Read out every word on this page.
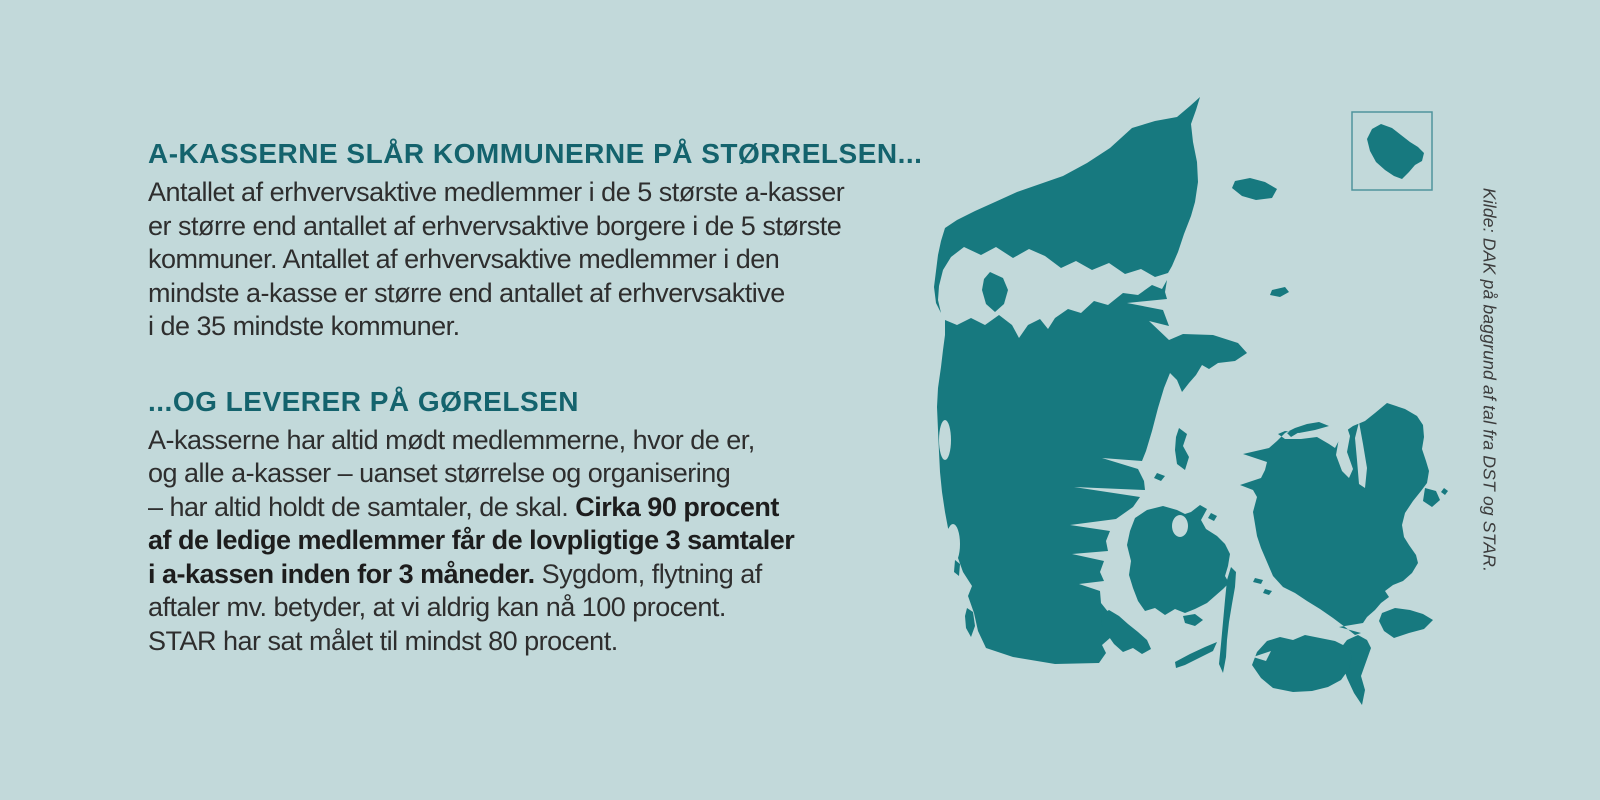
A-KASSERNE SLÅR KOMMUNERNE PÅ STØRRELSEN...
Antallet af erhvervsaktive medlemmer i de 5 største a-kasser
er større end antallet af erhvervsaktive borgere i de 5 største
kommuner. Antallet af erhvervsaktive medlemmer i den
mindste a-kasse er større end antallet af erhvervsaktive
i de 35 mindste kommuner.
...OG LEVERER PÅ GØRELSEN
A-kasserne har altid mødt medlemmerne, hvor de er,
og alle a-kasser – uanset størrelse og organisering
– har altid holdt de samtaler, de skal. Cirka 90 procent
af de ledige medlemmer får de lovpligtige 3 samtaler
i a-kassen inden for 3 måneder. Sygdom, flytning af
aftaler mv. betyder, at vi aldrig kan nå 100 procent.
STAR har sat målet til mindst 80 procent.
Kilde: DAK på baggrund af tal fra DST og STAR.
